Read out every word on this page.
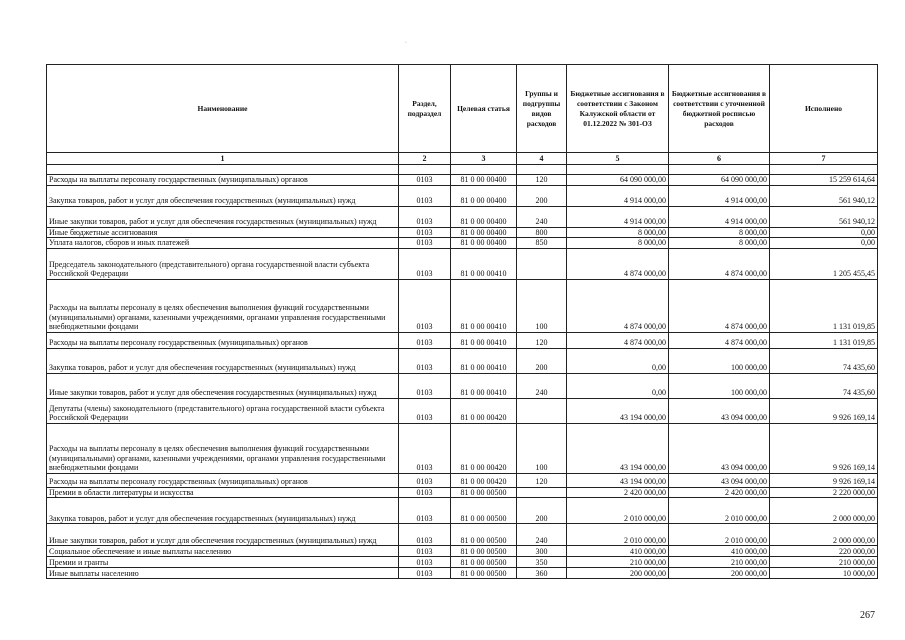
·
Наименование	Раздел, подраздел	Целевая статья	Группы и подгруппы видов расходов	Бюджетные ассигнования в соответствии с Законом Калужской области от 01.12.2022 № 301-ОЗ	Бюджетные ассигнования в соответствии с уточненной бюджетной росписью расходов	Исполнено
1	2	3	4	5	6	7

Расходы на выплаты персоналу государственных (муниципальных) органов	0103	81 0 00 00400	120	64 090 000,00	64 090 000,00	15 259 614,64
Закупка товаров, работ и услуг для обеспечения государственных (муниципальных) нужд	0103	81 0 00 00400	200	4 914 000,00	4 914 000,00	561 940,12
Иные закупки товаров, работ и услуг для обеспечения государственных (муниципальных) нужд	0103	81 0 00 00400	240	4 914 000,00	4 914 000,00	561 940,12
Иные бюджетные ассигнования	0103	81 0 00 00400	800	8 000,00	8 000,00	0,00
Уплата налогов, сборов и иных платежей	0103	81 0 00 00400	850	8 000,00	8 000,00	0,00
Председатель законодательного (представительного) органа государственной власти субъекта Российской Федерации	0103	81 0 00 00410		4 874 000,00	4 874 000,00	1 205 455,45
Расходы на выплаты персоналу в целях обеспечения выполнения функций государственными (муниципальными) органами, казенными учреждениями, органами управления государственными внебюджетными фондами	0103	81 0 00 00410	100	4 874 000,00	4 874 000,00	1 131 019,85
Расходы на выплаты персоналу государственных (муниципальных) органов	0103	81 0 00 00410	120	4 874 000,00	4 874 000,00	1 131 019,85
Закупка товаров, работ и услуг для обеспечения государственных (муниципальных) нужд	0103	81 0 00 00410	200	0,00	100 000,00	74 435,60
Иные закупки товаров, работ и услуг для обеспечения государственных (муниципальных) нужд	0103	81 0 00 00410	240	0,00	100 000,00	74 435,60
Депутаты (члены) законодательного (представительного) органа государственной власти субъекта Российской Федерации	0103	81 0 00 00420		43 194 000,00	43 094 000,00	9 926 169,14
Расходы на выплаты персоналу в целях обеспечения выполнения функций государственными (муниципальными) органами, казенными учреждениями, органами управления государственными внебюджетными фондами	0103	81 0 00 00420	100	43 194 000,00	43 094 000,00	9 926 169,14
Расходы на выплаты персоналу государственных (муниципальных) органов	0103	81 0 00 00420	120	43 194 000,00	43 094 000,00	9 926 169,14
Премии в области литературы и искусства	0103	81 0 00 00500		2 420 000,00	2 420 000,00	2 220 000,00
Закупка товаров, работ и услуг для обеспечения государственных (муниципальных) нужд	0103	81 0 00 00500	200	2 010 000,00	2 010 000,00	2 000 000,00
Иные закупки товаров, работ и услуг для обеспечения государственных (муниципальных) нужд	0103	81 0 00 00500	240	2 010 000,00	2 010 000,00	2 000 000,00
Социальное обеспечение и иные выплаты населению	0103	81 0 00 00500	300	410 000,00	410 000,00	220 000,00
Премии и гранты	0103	81 0 00 00500	350	210 000,00	210 000,00	210 000,00
Иные выплаты населению	0103	81 0 00 00500	360	200 000,00	200 000,00	10 000,00
267
